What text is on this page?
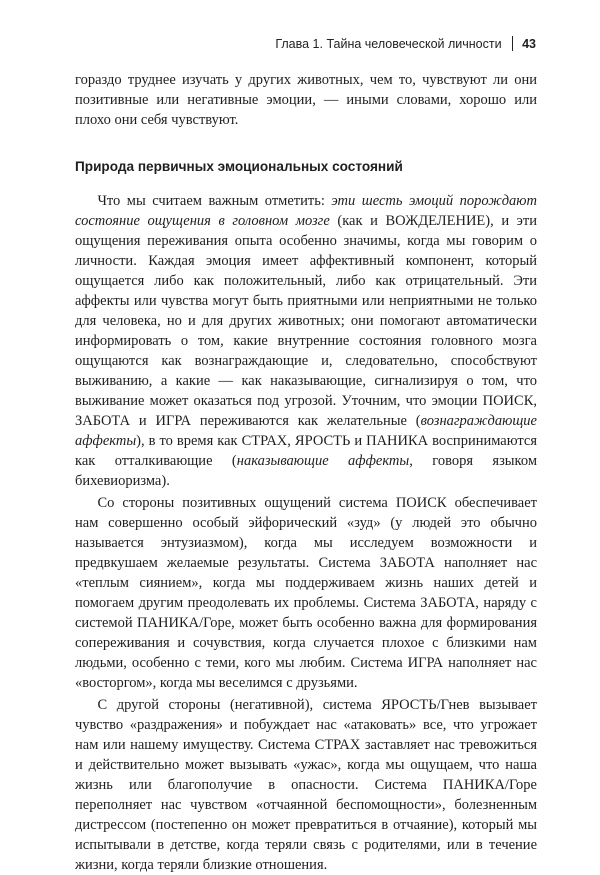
Глава 1. Тайна человеческой личности 43

гораздо труднее изучать у других животных, чем то, чувствуют ли они позитивные или негативные эмоции, — иными словами, хорошо или плохо они себя чувствуют.

Природа первичных эмоциональных состояний

Что мы считаем важным отметить: эти шесть эмоций порождают состояние ощущения в головном мозге (как и ВОЖДЕЛЕНИЕ), и эти ощущения переживания опыта особенно значимы, когда мы говорим о личности. Каждая эмоция имеет аффективный компонент, который ощущается либо как положительный, либо как отрицательный. Эти аффекты или чувства могут быть приятными или неприятными не только для человека, но и для других животных; они помогают автоматически информировать о том, какие внутренние состояния головного мозга ощущаются как вознаграждающие и, следовательно, способствуют выживанию, а какие — как наказывающие, сигнализируя о том, что выживание может оказаться под угрозой. Уточним, что эмоции ПОИСК, ЗАБОТА и ИГРА переживаются как желательные (вознаграждающие аффекты), в то время как СТРАХ, ЯРОСТЬ и ПАНИКА воспринимаются как отталкивающие (наказывающие аффекты, говоря языком бихевиоризма).

Со стороны позитивных ощущений система ПОИСК обеспечивает нам совершенно особый эйфорический «зуд» (у людей это обычно называется энтузиазмом), когда мы исследуем возможности и предвкушаем желаемые результаты. Система ЗАБОТА наполняет нас «теплым сиянием», когда мы поддерживаем жизнь наших детей и помогаем другим преодолевать их проблемы. Система ЗАБОТА, наряду с системой ПАНИКА/Горе, может быть особенно важна для формирования сопереживания и сочувствия, когда случается плохое с близкими нам людьми, особенно с теми, кого мы любим. Система ИГРА наполняет нас «восторгом», когда мы веселимся с друзьями.

С другой стороны (негативной), система ЯРОСТЬ/Гнев вызывает чувство «раздражения» и побуждает нас «атаковать» все, что угрожает нам или нашему имуществу. Система СТРАХ заставляет нас тревожиться и действительно может вызывать «ужас», когда мы ощущаем, что наша жизнь или благополучие в опасности. Система ПАНИКА/Горе переполняет нас чувством «отчаянной беспомощности», болезненным дистрессом (постепенно он может превратиться в отчаяние), который мы испытывали в детстве, когда теряли связь с родителями, или в течение жизни, когда теряли близкие отношения.
